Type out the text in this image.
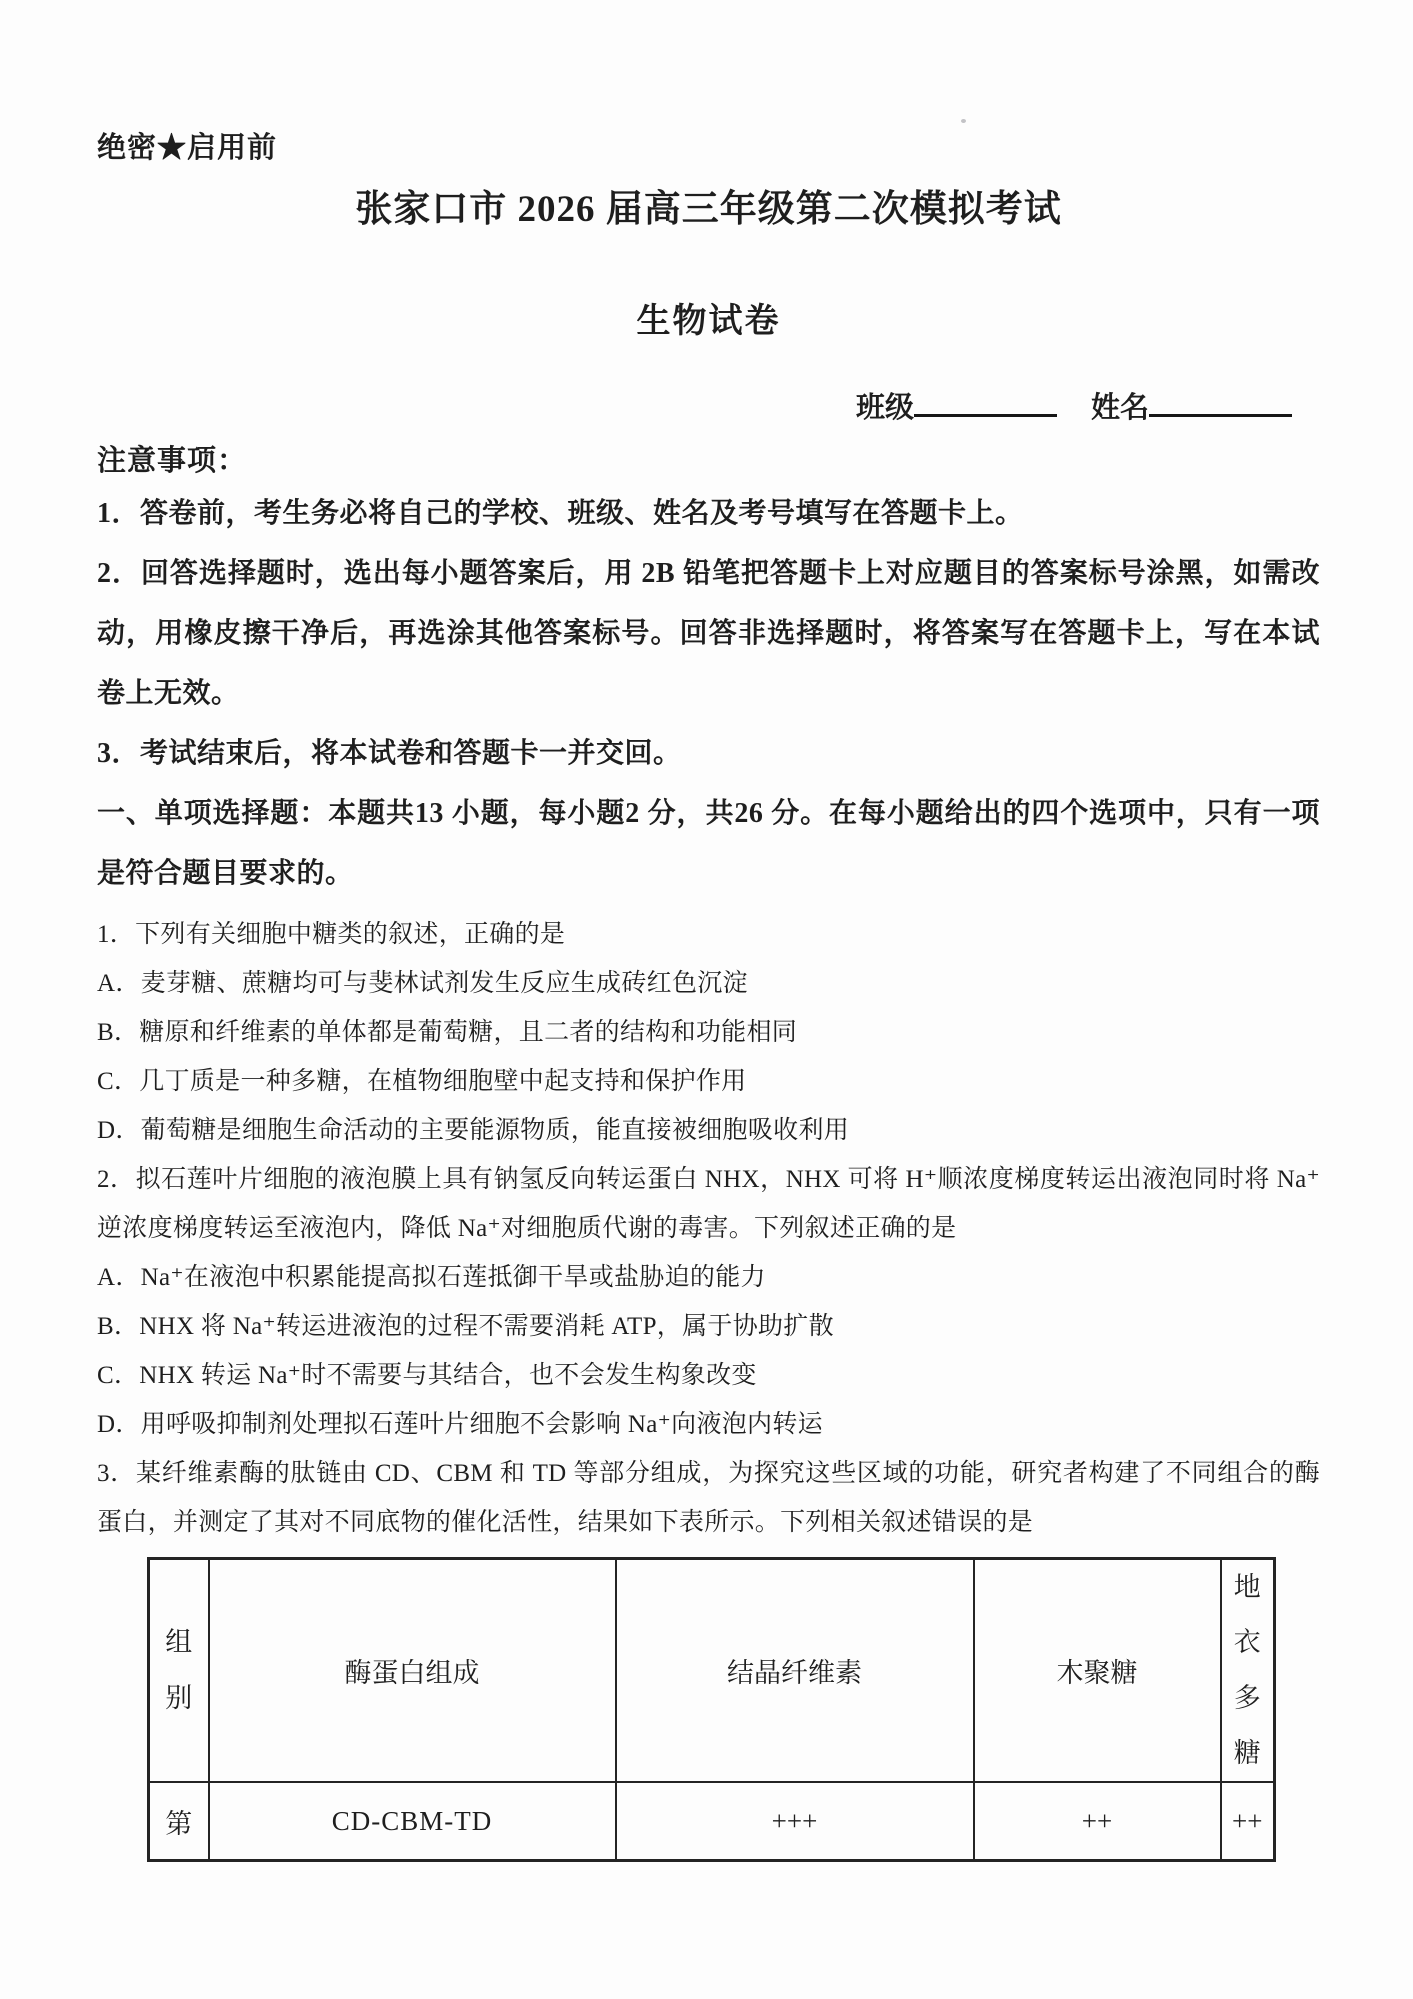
绝密★启用前
张家口市 2026 届高三年级第二次模拟考试
生物试卷
班级	姓名
注意事项：
1．答卷前，考生务必将自己的学校、班级、姓名及考号填写在答题卡上。
2．回答选择题时，选出每小题答案后，用 2B 铅笔把答题卡上对应题目的答案标号涂黑，如需改动，用橡皮擦干净后，再选涂其他答案标号。回答非选择题时，将答案写在答题卡上，写在本试卷上无效。
3．考试结束后，将本试卷和答题卡一并交回。
一、单项选择题：本题共13 小题，每小题2 分，共26 分。在每小题给出的四个选项中，只有一项是符合题目要求的。
1．下列有关细胞中糖类的叙述，正确的是
A．麦芽糖、蔗糖均可与斐林试剂发生反应生成砖红色沉淀
B．糖原和纤维素的单体都是葡萄糖，且二者的结构和功能相同
C．几丁质是一种多糖，在植物细胞壁中起支持和保护作用
D．葡萄糖是细胞生命活动的主要能源物质，能直接被细胞吸收利用
2．拟石莲叶片细胞的液泡膜上具有钠氢反向转运蛋白 NHX，NHX 可将 H⁺顺浓度梯度转运出液泡同时将 Na⁺逆浓度梯度转运至液泡内，降低 Na⁺对细胞质代谢的毒害。下列叙述正确的是
A．Na⁺在液泡中积累能提高拟石莲抵御干旱或盐胁迫的能力
B．NHX 将 Na⁺转运进液泡的过程不需要消耗 ATP，属于协助扩散
C．NHX 转运 Na⁺时不需要与其结合，也不会发生构象改变
D．用呼吸抑制剂处理拟石莲叶片细胞不会影响 Na⁺向液泡内转运
3．某纤维素酶的肽链由 CD、CBM 和 TD 等部分组成，为探究这些区域的功能，研究者构建了不同组合的酶蛋白，并测定了其对不同底物的催化活性，结果如下表所示。下列相关叙述错误的是
组别	酶蛋白组成	结晶纤维素	木聚糖	地衣多糖
第	CD-CBM-TD	+++	++	++
